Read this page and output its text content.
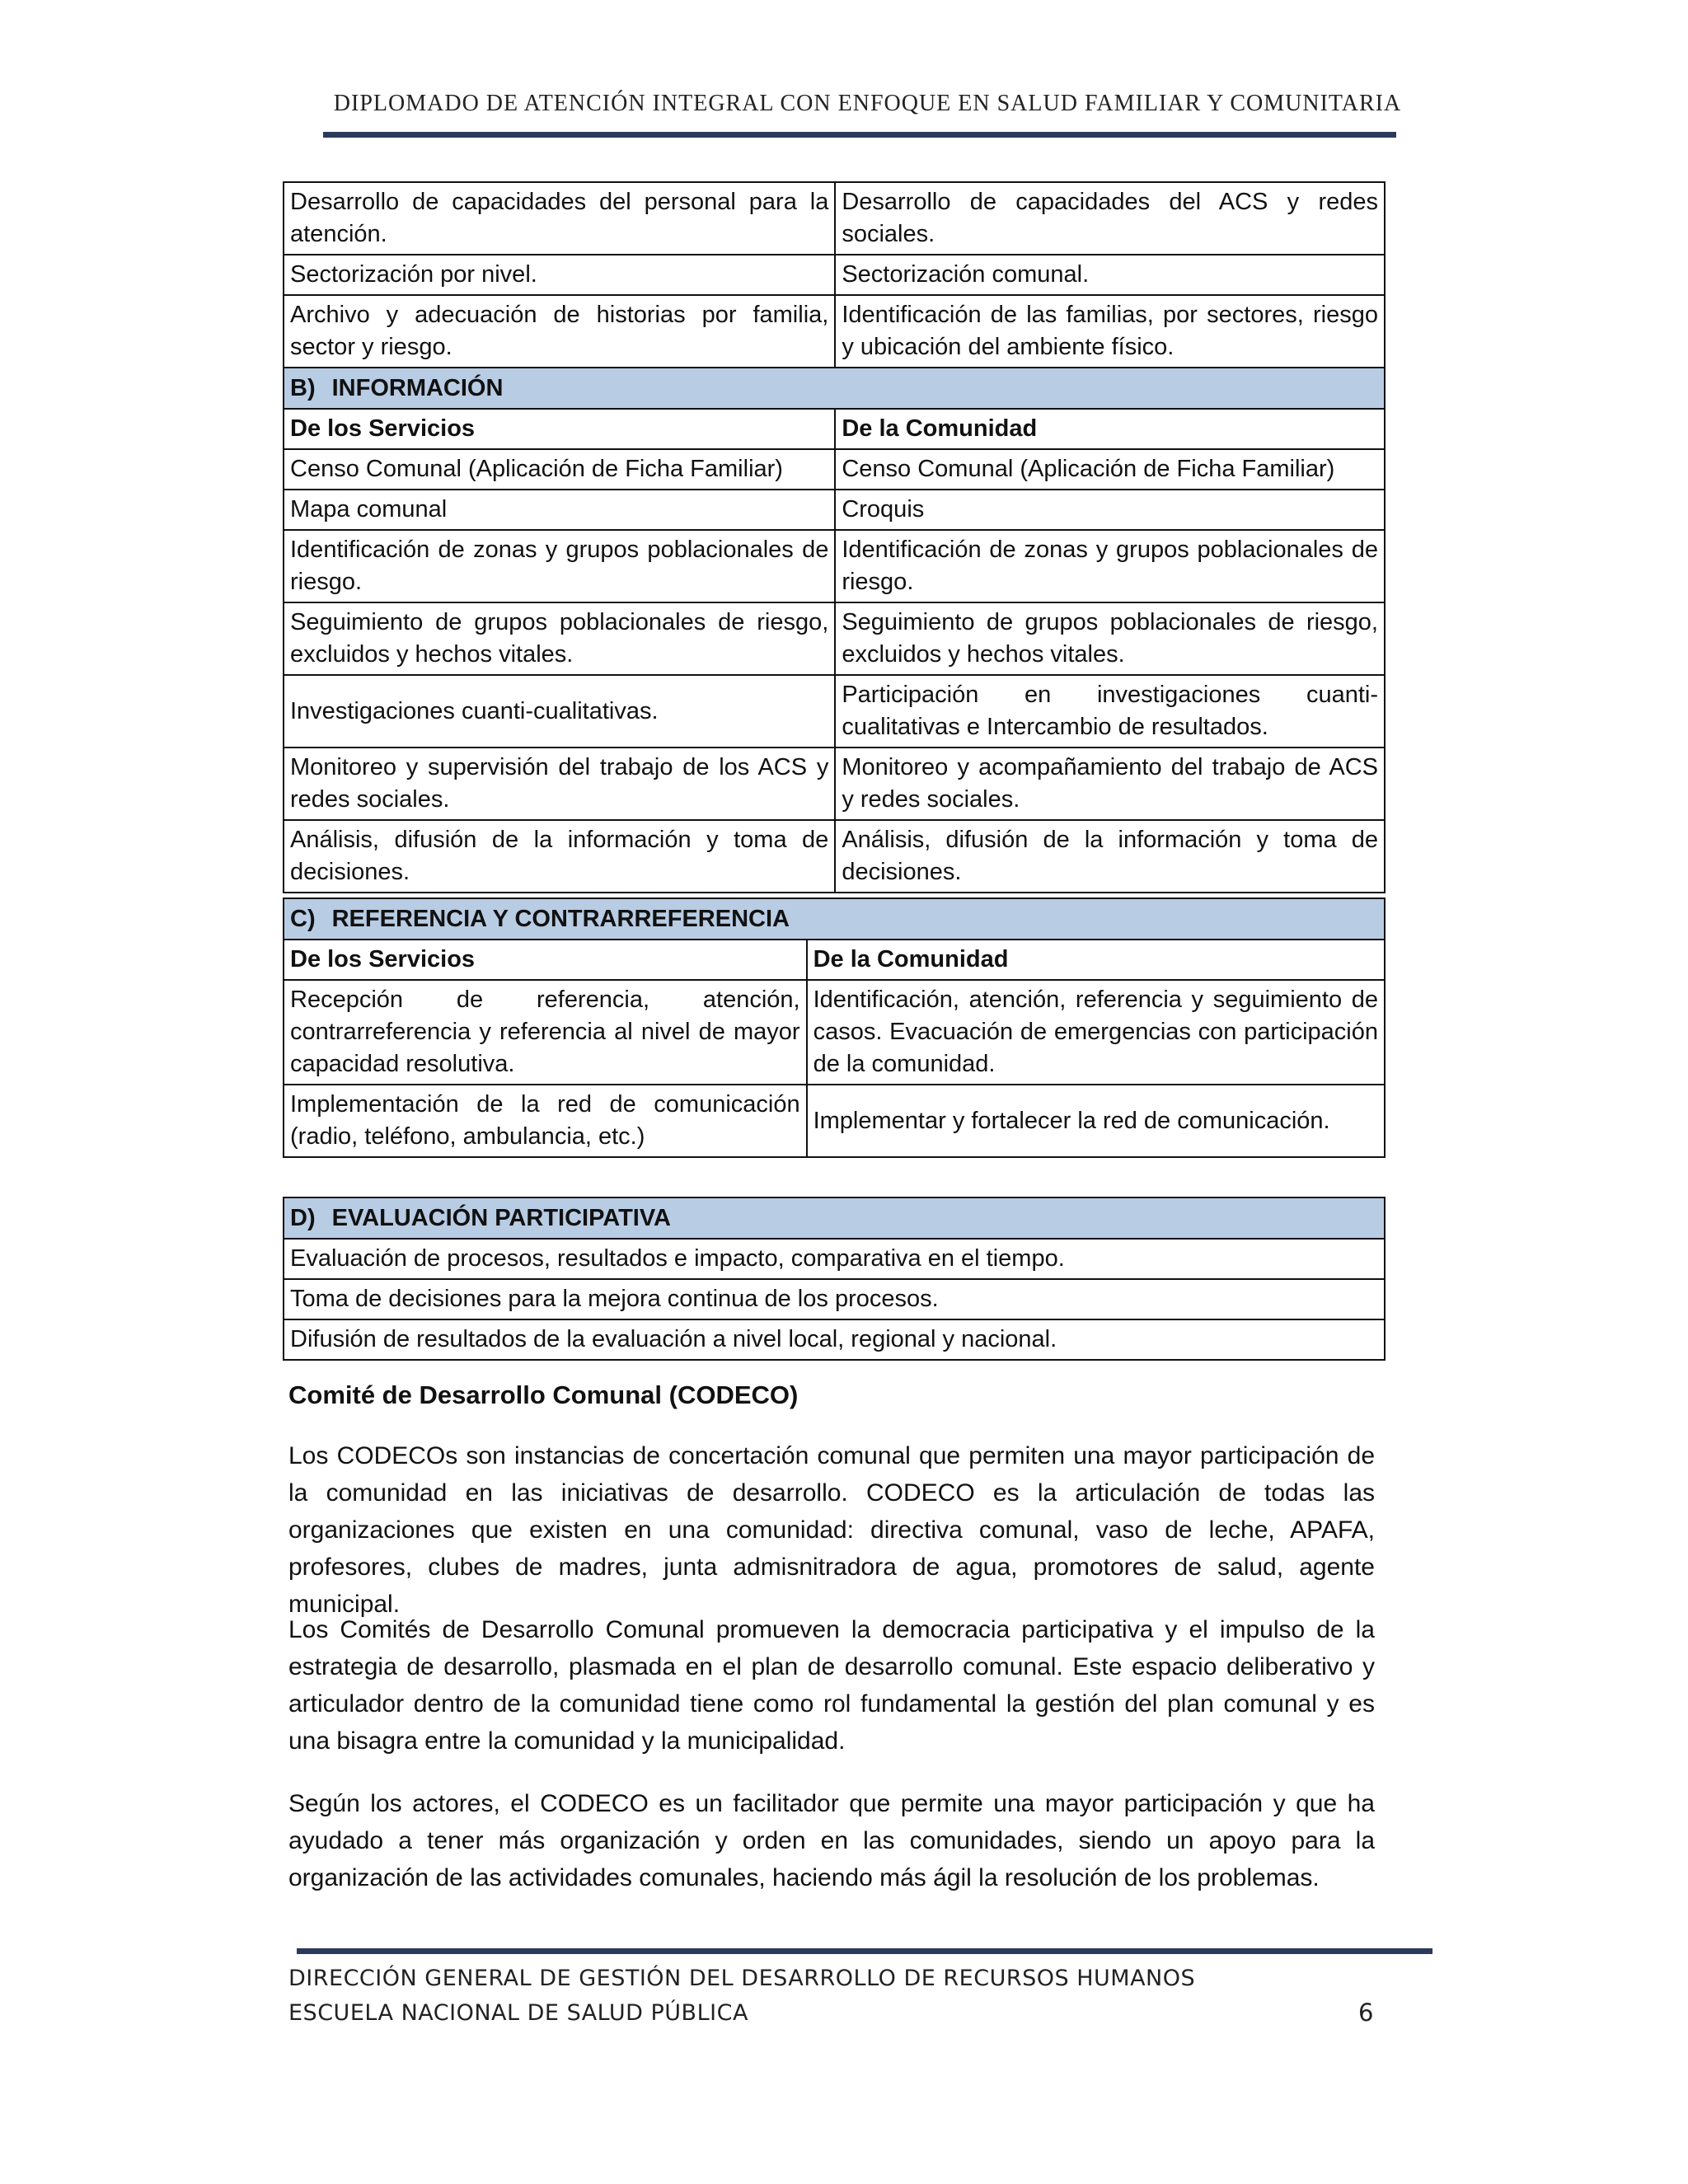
DIPLOMADO DE ATENCIÓN INTEGRAL CON ENFOQUE EN SALUD FAMILIAR Y COMUNITARIA
Desarrollo de capacidades del personal para la atención.	Desarrollo de capacidades del ACS y redes sociales.
Sectorización por nivel.	Sectorización comunal.
Archivo y adecuación de historias por familia, sector y riesgo.	Identificación de las familias, por sectores, riesgo y ubicación del ambiente físico.
B) INFORMACIÓN	
De los Servicios	De la Comunidad
Censo Comunal (Aplicación de Ficha Familiar)	Censo Comunal (Aplicación de Ficha Familiar)
Mapa comunal	Croquis
Identificación de zonas y grupos poblacionales de riesgo.	Identificación de zonas y grupos poblacionales de riesgo.
Seguimiento de grupos poblacionales de riesgo, excluidos y hechos vitales.	Seguimiento de grupos poblacionales de riesgo, excluidos y hechos vitales.
Investigaciones cuanti-cualitativas.	Participación en investigaciones cuanti-cualitativas e Intercambio de resultados.
Monitoreo y supervisión del trabajo de los ACS y redes sociales.	Monitoreo y acompañamiento del trabajo de ACS y redes sociales.
Análisis, difusión de la información y toma de decisiones.	Análisis, difusión de la información y toma de decisiones.
C) REFERENCIA Y CONTRARREFERENCIA	
De los Servicios	De la Comunidad
Recepción de referencia, atención, contrarreferencia y referencia al nivel de mayor capacidad resolutiva.	Identificación, atención, referencia y seguimiento de casos. Evacuación de emergencias con participación de la comunidad.
Implementación de la red de comunicación (radio, teléfono, ambulancia, etc.)	Implementar y fortalecer la red de comunicación.
D) EVALUACIÓN PARTICIPATIVA
Evaluación de procesos, resultados e impacto, comparativa en el tiempo.
Toma de decisiones para la mejora continua de los procesos.
Difusión de resultados de la evaluación a nivel local, regional y nacional.
Comité de Desarrollo Comunal (CODECO)

Los CODECOs son instancias de concertación comunal que permiten una mayor participación de la comunidad en las iniciativas de desarrollo. CODECO es la articulación de todas las organizaciones que existen en una comunidad: directiva comunal, vaso de leche, APAFA, profesores, clubes de madres, junta admisnitradora de agua, promotores de salud, agente municipal.

Los Comités de Desarrollo Comunal promueven la democracia participativa y el impulso de la estrategia de desarrollo, plasmada en el plan de desarrollo comunal. Este espacio deliberativo y articulador dentro de la comunidad tiene como rol fundamental la gestión del plan comunal y es una bisagra entre la comunidad y la municipalidad.

Según los actores, el CODECO es un facilitador que permite una mayor participación y que ha ayudado a tener más organización y orden en las comunidades, siendo un apoyo para la organización de las actividades comunales, haciendo más ágil la resolución de los problemas.

DIRECCIÓN GENERAL DE GESTIÓN DEL DESARROLLO DE RECURSOS HUMANOS
ESCUELA NACIONAL DE SALUD PÚBLICA	6
